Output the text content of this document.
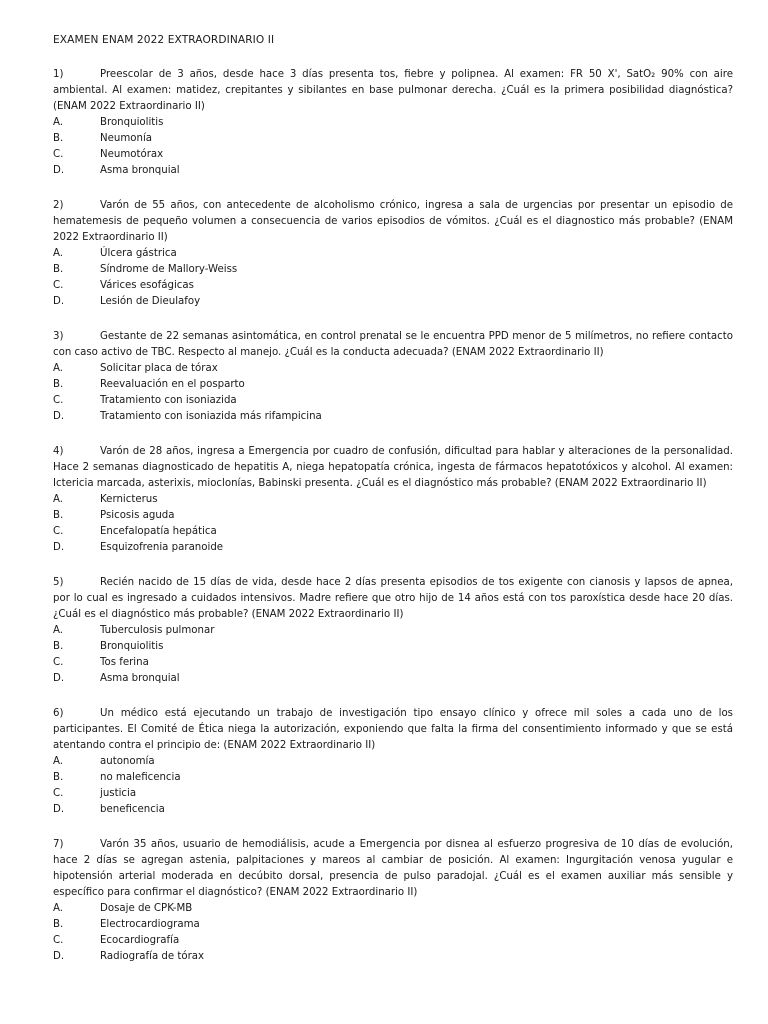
EXAMEN ENAM 2022 EXTRAORDINARIO II

1)	Preescolar de 3 años, desde hace 3 días presenta tos, fiebre y polipnea. Al examen: FR 50 X', SatO₂ 90% con aire ambiental. Al examen: matidez, crepitantes y sibilantes en base pulmonar derecha. ¿Cuál es la primera posibilidad diagnóstica? (ENAM 2022 Extraordinario II)

A.	Bronquiolitis
B.	Neumonía
C.	Neumotórax
D.	Asma bronquial

2)	Varón de 55 años, con antecedente de alcoholismo crónico, ingresa a sala de urgencias por presentar un episodio de hematemesis de pequeño volumen a consecuencia de varios episodios de vómitos. ¿Cuál es el diagnostico más probable? (ENAM 2022 Extraordinario II)

A.	Úlcera gástrica
B.	Síndrome de Mallory-Weiss
C.	Várices esofágicas
D.	Lesión de Dieulafoy

3)	Gestante de 22 semanas asintomática, en control prenatal se le encuentra PPD menor de 5 milímetros, no refiere contacto con caso activo de TBC. Respecto al manejo. ¿Cuál es la conducta adecuada? (ENAM 2022 Extraordinario II)

A.	Solicitar placa de tórax
B.	Reevaluación en el posparto
C.	Tratamiento con isoniazida
D.	Tratamiento con isoniazida más rifampicina

4)	Varón de 28 años, ingresa a Emergencia por cuadro de confusión, dificultad para hablar y alteraciones de la personalidad. Hace 2 semanas diagnosticado de hepatitis A, niega hepatopatía crónica, ingesta de fármacos hepatotóxicos y alcohol. Al examen: Ictericia marcada, asterixis, mioclonías, Babinski presenta. ¿Cuál es el diagnóstico más probable? (ENAM 2022 Extraordinario II)

A.	Kernicterus
B.	Psicosis aguda
C.	Encefalopatía hepática
D.	Esquizofrenia paranoide

5)	Recién nacido de 15 días de vida, desde hace 2 días presenta episodios de tos exigente con cianosis y lapsos de apnea, por lo cual es ingresado a cuidados intensivos. Madre refiere que otro hijo de 14 años está con tos paroxística desde hace 20 días. ¿Cuál es el diagnóstico más probable? (ENAM 2022 Extraordinario II)

A.	Tuberculosis pulmonar
B.	Bronquiolitis
C.	Tos ferina
D.	Asma bronquial

6)	Un médico está ejecutando un trabajo de investigación tipo ensayo clínico y ofrece mil soles a cada uno de los participantes. El Comité de Ética niega la autorización, exponiendo que falta la firma del consentimiento informado y que se está atentando contra el principio de: (ENAM 2022 Extraordinario II)

A.	autonomía
B.	no maleficencia
C.	justicia
D.	beneficencia

7)	Varón 35 años, usuario de hemodiálisis, acude a Emergencia por disnea al esfuerzo progresiva de 10 días de evolución, hace 2 días se agregan astenia, palpitaciones y mareos al cambiar de posición. Al examen: Ingurgitación venosa yugular e hipotensión arterial moderada en decúbito dorsal, presencia de pulso paradojal. ¿Cuál es el examen auxiliar más sensible y específico para confirmar el diagnóstico? (ENAM 2022 Extraordinario II)

A.	Dosaje de CPK-MB
B.	Electrocardiograma
C.	Ecocardiografía
D.	Radiografía de tórax
